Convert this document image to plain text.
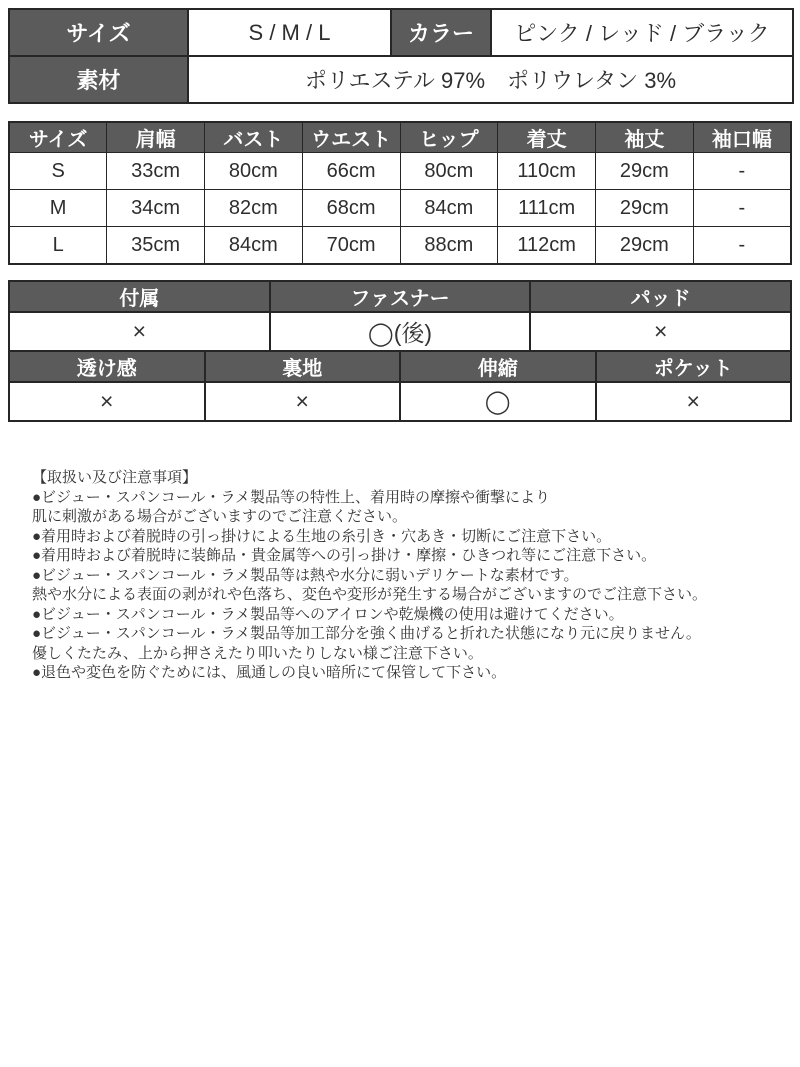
サイズ	S / M / L	カラー	ピンク / レッド / ブラック
素材	ポリエステル 97%　ポリウレタン 3%		
サイズ	肩幅	バスト	ウエスト	ヒップ	着丈	袖丈	袖口幅
S	33cm	80cm	66cm	80cm	110cm	29cm	-
M	34cm	82cm	68cm	84cm	111cm	29cm	-
L	35cm	84cm	70cm	88cm	112cm	29cm	-
付属	ファスナー	パッド
×	◯(後)	×
透け感	裏地	伸縮	ポケット
×	×	◯	×
【取扱い及び注意事項】
●ビジュー・スパンコール・ラメ製品等の特性上、着用時の摩擦や衝撃により
肌に刺激がある場合がございますのでご注意ください。
●着用時および着脱時の引っ掛けによる生地の糸引き・穴あき・切断にご注意下さい。
●着用時および着脱時に装飾品・貴金属等への引っ掛け・摩擦・ひきつれ等にご注意下さい。
●ビジュー・スパンコール・ラメ製品等は熱や水分に弱いデリケートな素材です。
熱や水分による表面の剥がれや色落ち、変色や変形が発生する場合がございますのでご注意下さい。
●ビジュー・スパンコール・ラメ製品等へのアイロンや乾燥機の使用は避けてください。
●ビジュー・スパンコール・ラメ製品等加工部分を強く曲げると折れた状態になり元に戻りません。
優しくたたみ、上から押さえたり叩いたりしない様ご注意下さい。
●退色や変色を防ぐためには、風通しの良い暗所にて保管して下さい。
